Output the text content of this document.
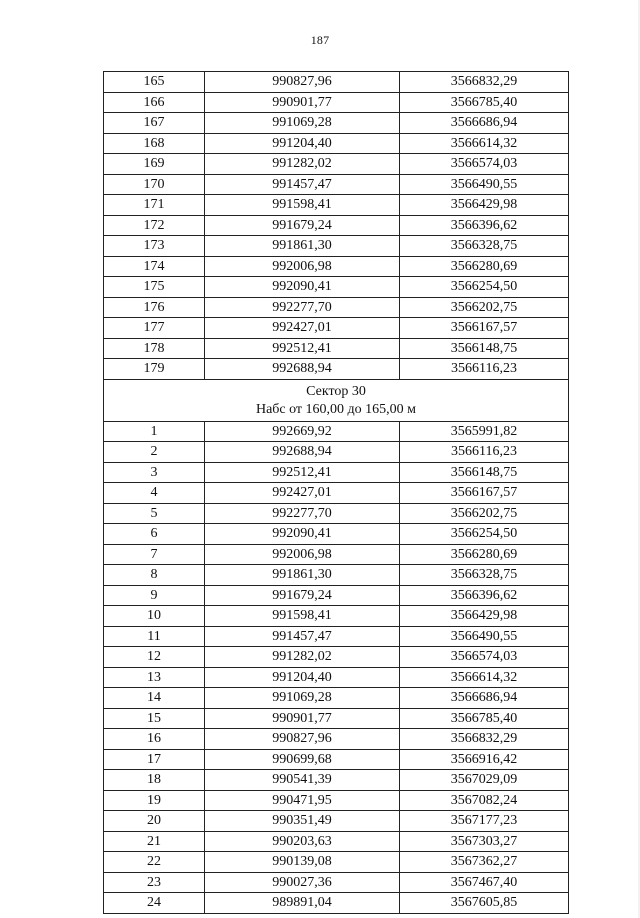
187
165	990827,96	3566832,29
166	990901,77	3566785,40
167	991069,28	3566686,94
168	991204,40	3566614,32
169	991282,02	3566574,03
170	991457,47	3566490,55
171	991598,41	3566429,98
172	991679,24	3566396,62
173	991861,30	3566328,75
174	992006,98	3566280,69
175	992090,41	3566254,50
176	992277,70	3566202,75
177	992427,01	3566167,57
178	992512,41	3566148,75
179	992688,94	3566116,23

Сектор 30
Набс от 160,00 до 165,00 м		

1	992669,92	3565991,82
2	992688,94	3566116,23
3	992512,41	3566148,75
4	992427,01	3566167,57
5	992277,70	3566202,75
6	992090,41	3566254,50
7	992006,98	3566280,69
8	991861,30	3566328,75
9	991679,24	3566396,62
10	991598,41	3566429,98
11	991457,47	3566490,55
12	991282,02	3566574,03
13	991204,40	3566614,32
14	991069,28	3566686,94
15	990901,77	3566785,40
16	990827,96	3566832,29
17	990699,68	3566916,42
18	990541,39	3567029,09
19	990471,95	3567082,24
20	990351,49	3567177,23
21	990203,63	3567303,27
22	990139,08	3567362,27
23	990027,36	3567467,40
24	989891,04	3567605,85
